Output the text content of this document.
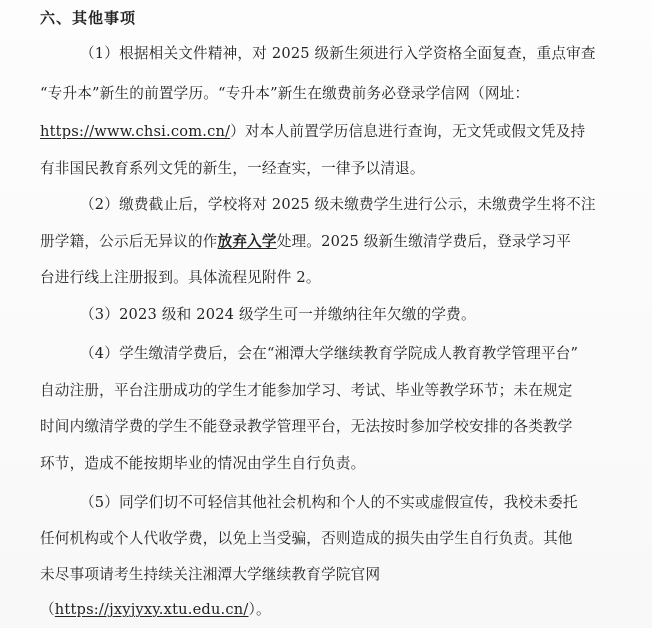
六、其他事项
（1）根据相关文件精神，对 2025 级新生须进行入学资格全面复查，重点审查
“专升本”新生的前置学历。“专升本”新生在缴费前务必登录学信网（网址：
https://www.chsi.com.cn/）对本人前置学历信息进行查询，无文凭或假文凭及持
有非国民教育系列文凭的新生，一经查实，一律予以清退。
（2）缴费截止后，学校将对 2025 级未缴费学生进行公示，未缴费学生将不注
册学籍，公示后无异议的作放弃入学处理。2025 级新生缴清学费后，登录学习平
台进行线上注册报到。具体流程见附件 2。
（3）2023 级和 2024 级学生可一并缴纳往年欠缴的学费。
（4）学生缴清学费后，会在“湘潭大学继续教育学院成人教育教学管理平台”
自动注册，平台注册成功的学生才能参加学习、考试、毕业等教学环节；未在规定
时间内缴清学费的学生不能登录教学管理平台，无法按时参加学校安排的各类教学
环节，造成不能按期毕业的情况由学生自行负责。
（5）同学们切不可轻信其他社会机构和个人的不实或虚假宣传，我校未委托
任何机构或个人代收学费，以免上当受骗，否则造成的损失由学生自行负责。其他
未尽事项请考生持续关注湘潭大学继续教育学院官网
（https://jxyjyxy.xtu.edu.cn/）。
